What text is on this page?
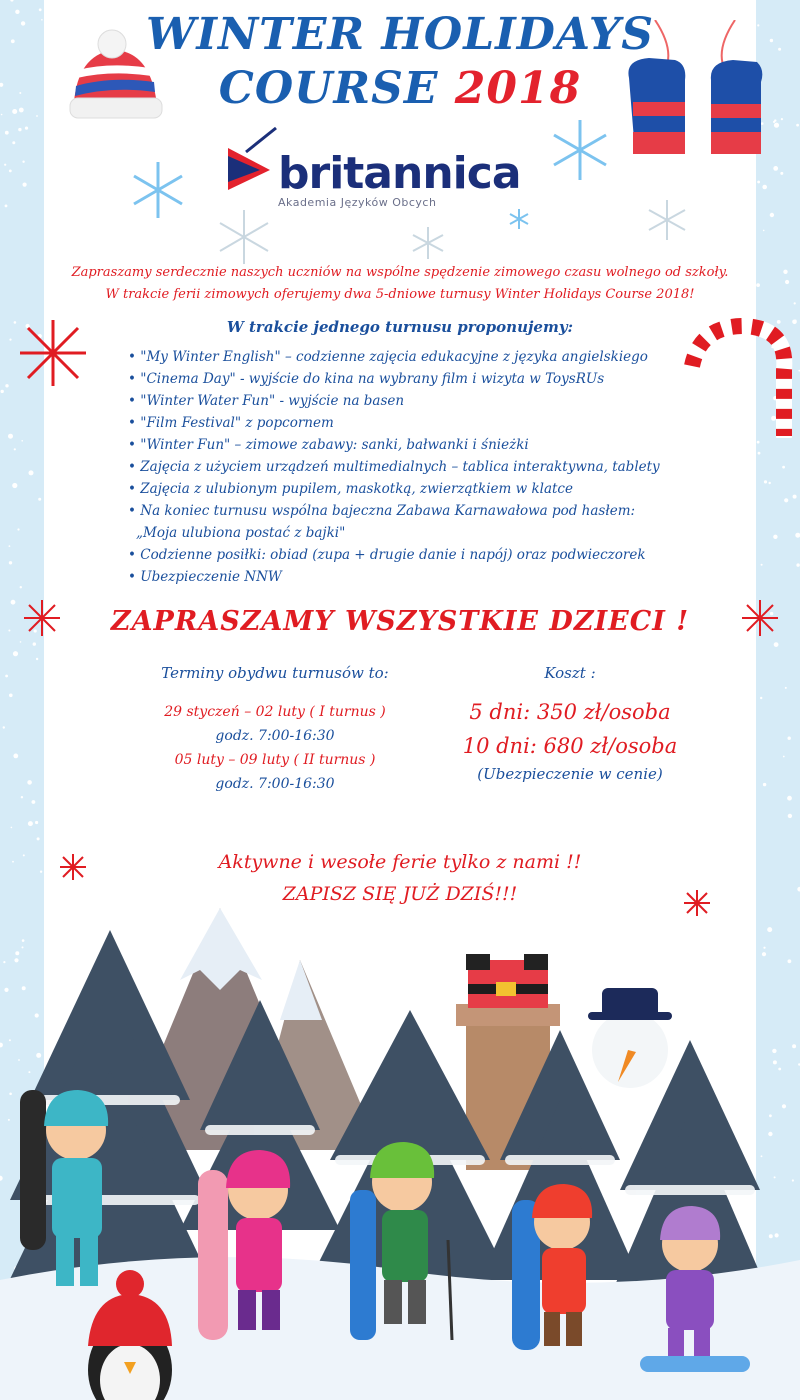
WINTER HOLIDAYS
COURSE 2018
britannica
Akademia Języków Obcych
Zapraszamy serdecznie naszych uczniów na wspólne spędzenie zimowego czasu wolnego od szkoły.
W trakcie ferii zimowych oferujemy dwa 5-dniowe turnusy Winter Holidays Course 2018!
W trakcie jednego turnusu proponujemy:
• "My Winter English" – codzienne zajęcia edukacyjne z języka angielskiego
• "Cinema Day" - wyjście do kina na wybrany film i wizyta w ToysRUs
• "Winter Water Fun" - wyjście na basen
• "Film Festival" z popcornem
• "Winter Fun" – zimowe zabawy: sanki, bałwanki i śnieżki
• Zajęcia z użyciem urządzeń multimedialnych – tablica interaktywna, tablety
• Zajęcia z ulubionym pupilem, maskotką, zwierzątkiem w klatce
• Na koniec turnusu wspólna bajeczna Zabawa Karnawałowa pod hasłem:
„Moja ulubiona postać z bajki"
• Codzienne posiłki: obiad (zupa + drugie danie i napój) oraz podwieczorek
• Ubezpieczenie NNW
ZAPRASZAMY WSZYSTKIE DZIECI !
Terminy obydwu turnusów to:
29 styczeń – 02 luty ( I turnus )
godz. 7:00-16:30
05 luty – 09 luty ( II turnus )
godz. 7:00-16:30
Koszt :
5 dni: 350 zł/osoba
10 dni: 680 zł/osoba
(Ubezpieczenie w cenie)
Aktywne i wesołe ferie tylko z nami !!
ZAPISZ SIĘ JUŻ DZIŚ!!!
